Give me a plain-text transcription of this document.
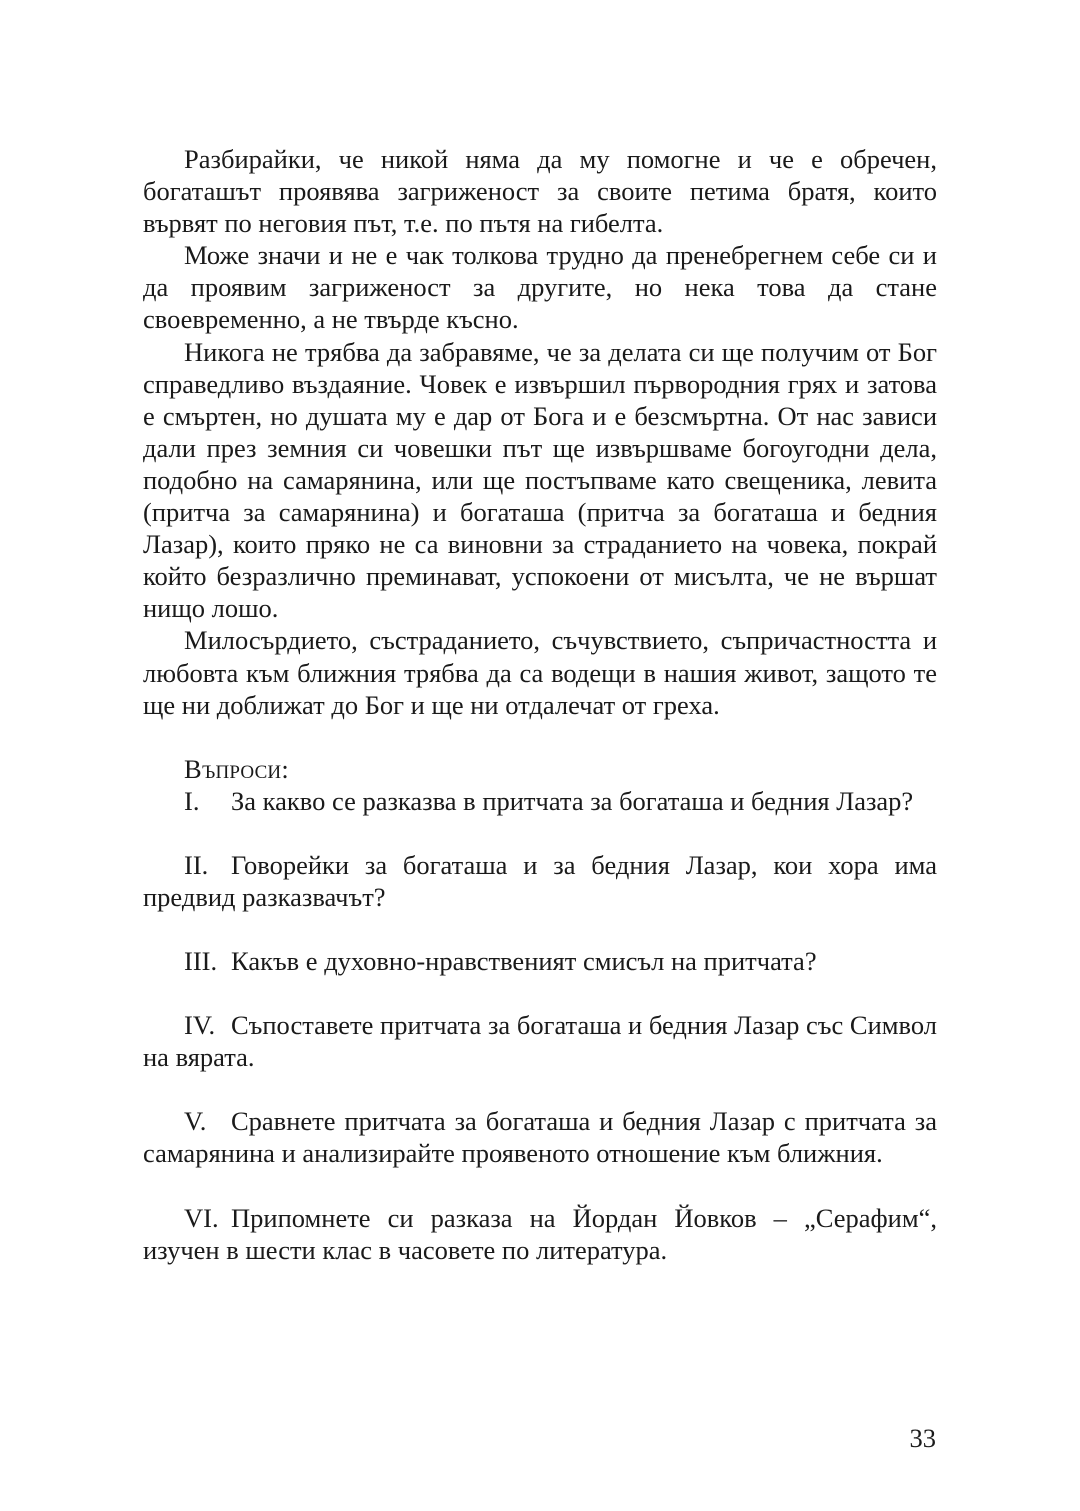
Разбирайки, че никой няма да му помогне и че е обречен, богаташът проявява загриженост за своите петима братя, които вървят по неговия път, т.е. по пътя на гибелта.

Може значи и не е чак толкова трудно да пренебрегнем себе си и да проявим загриженост за другите, но нека това да стане своевременно, а не твърде късно.

Никога не трябва да забравяме, че за делата си ще получим от Бог справедливо въздаяние. Човек е извършил първородния грях и затова е смъртен, но душата му е дар от Бога и е безсмъртна. От нас зависи дали през земния си човешки път ще извършваме богоугодни дела, подобно на самарянина, или ще постъпваме като свещеника, левита (притча за самарянина) и богаташа (притча за богаташа и бедния Лазар), които пряко не са виновни за страданието на човека, покрай който безразлично преминават, успокоени от мисълта, че не вършат нищо лошо.

Милосърдието, състраданието, съчувствието, съпричастността и любовта към ближния трябва да са водещи в нашия живот, защото те ще ни доближат до Бог и ще ни отдалечат от греха.

Въпроси:

I. За какво се разказва в притчата за богаташа и бедния Лазар?

II. Говорейки за богаташа и за бедния Лазар, кои хора има предвид разказвачът?

III. Какъв е духовно-нравственият смисъл на притчата?

IV. Съпоставете притчата за богаташа и бедния Лазар със Символ на вярата.

V. Сравнете притчата за богаташа и бедния Лазар с притчата за самарянина и анализирайте проявеното отношение към ближния.

VI. Припомнете си разказа на Йордан Йовков – „Серафим“, изучен в шести клас в часовете по литература.

33
